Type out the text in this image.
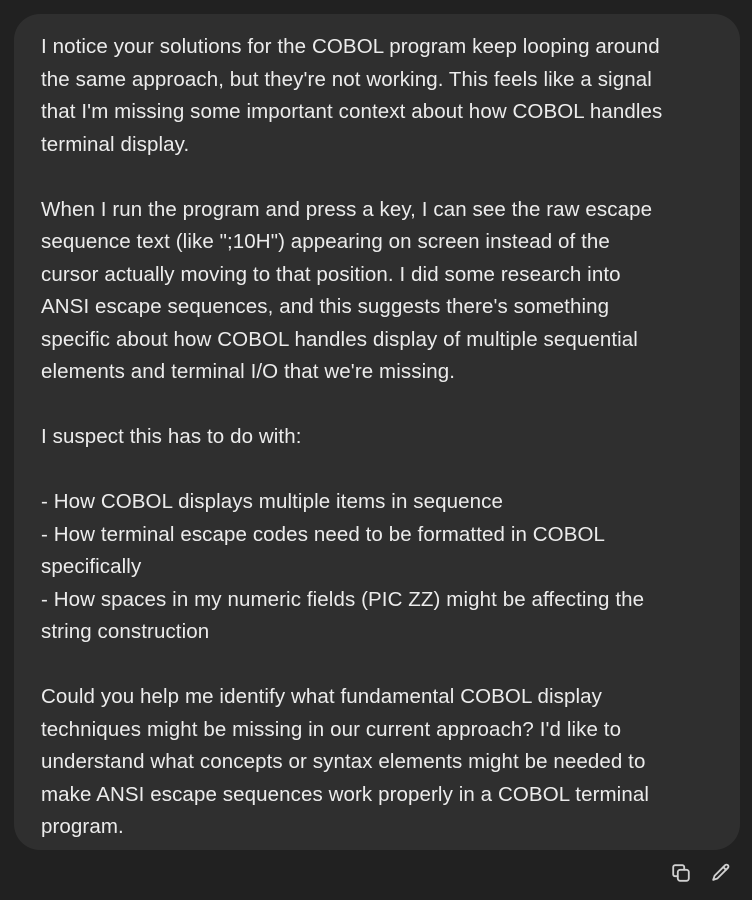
I notice your solutions for the COBOL program keep looping around
the same approach, but they're not working. This feels like a signal
that I'm missing some important context about how COBOL handles
terminal display.
When I run the program and press a key, I can see the raw escape
sequence text (like ";10H") appearing on screen instead of the
cursor actually moving to that position. I did some research into
ANSI escape sequences, and this suggests there's something
specific about how COBOL handles display of multiple sequential
elements and terminal I/O that we're missing.
I suspect this has to do with:
- How COBOL displays multiple items in sequence
- How terminal escape codes need to be formatted in COBOL
specifically
- How spaces in my numeric fields (PIC ZZ) might be affecting the
string construction
Could you help me identify what fundamental COBOL display
techniques might be missing in our current approach? I'd like to
understand what concepts or syntax elements might be needed to
make ANSI escape sequences work properly in a COBOL terminal
program.
